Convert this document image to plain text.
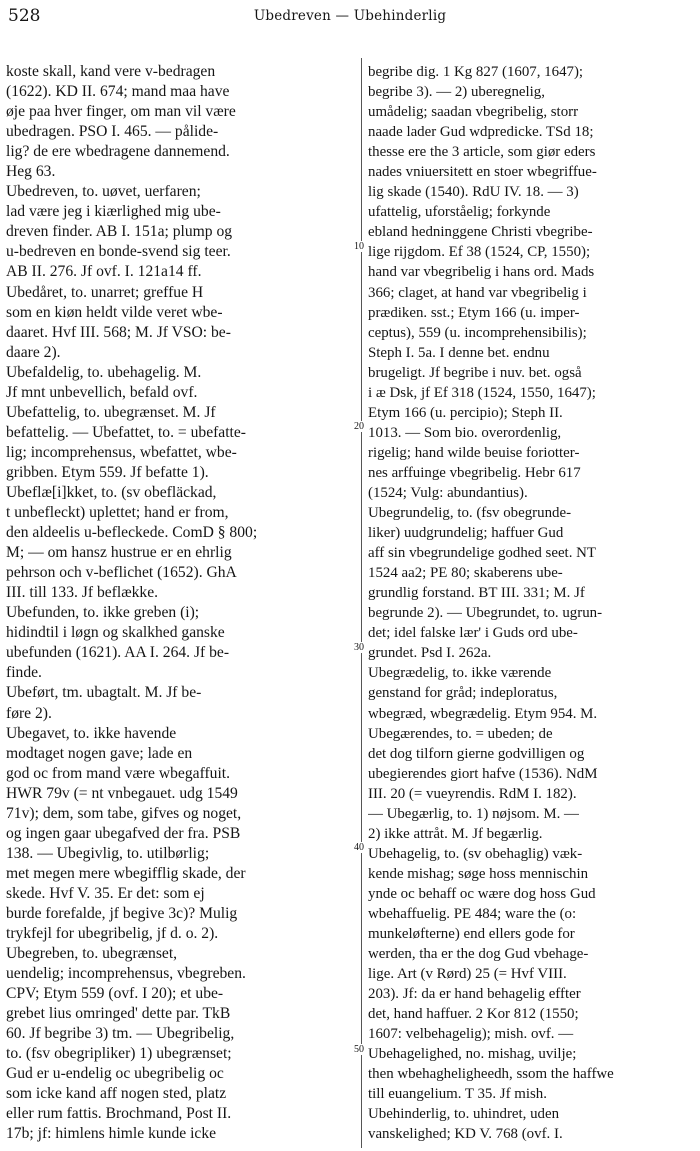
528	Ubedreven — Ubehinderlig
koste skall, kand vere v-bedragen
(1622). KD II. 674; mand maa have
øje paa hver finger, om man vil være
ubedragen. PSO I. 465. — pålide-
lig? de ere wbedragene dannemend.
Heg 63.
Ubedreven, to. uøvet, uerfaren;
lad være jeg i kiærlighed mig ube-
dreven finder. AB I. 151a; plump og
u-bedreven en bonde-svend sig teer.
AB II. 276. Jf ovf. I. 121a14 ff.
Ubedåret, to. unarret; greffue H
som en kiøn heldt vilde veret wbe-
daaret. Hvf III. 568; M. Jf VSO: be-
daare 2).
Ubefaldelig, to. ubehagelig. M.
Jf mnt unbevellich, befald ovf.
Ubefattelig, to. ubegrænset. M. Jf
befattelig. — Ubefattet, to. = ubefatte-
lig; incomprehensus, wbefattet, wbe-
gribben. Etym 559. Jf befatte 1).
Ubeflæ[i]kket, to. (sv obefläckad,
t unbefleckt) uplettet; hand er from,
den aldeelis u-befleckede. ComD § 800;
M; — om hansz hustrue er en ehrlig
pehrson och v-beflichet (1652). GhA
III. till 133. Jf beflække.
Ubefunden, to. ikke greben (i);
hidindtil i løgn og skalkhed ganske
ubefunden (1621). AA I. 264. Jf be-
finde.
Ubeført, tm. ubagtalt. M. Jf be-
føre 2).
Ubegavet, to. ikke havende
modtaget nogen gave; lade en
god oc from mand være wbegaffuit.
HWR 79v (= nt vnbegauet. udg 1549
71v); dem, som tabe, gifves og noget,
og ingen gaar ubegafved der fra. PSB
138. — Ubegivlig, to. utilbørlig;
met megen mere wbegifflig skade, der
skede. Hvf V. 35. Er det: som ej
burde forefalde, jf begive 3c)? Mulig
trykfejl for ubegribelig, jf d. o. 2).
Ubegreben, to. ubegrænset,
uendelig; incomprehensus, vbegreben.
CPV; Etym 559 (ovf. I 20); et ube-
grebet lius omringed' dette par. TkB
60. Jf begribe 3) tm. — Ubegribelig,
to. (fsv obegripliker) 1) ubegrænset;
Gud er u-endelig oc ubegribelig oc
som icke kand aff nogen sted, platz
eller rum fattis. Brochmand, Post II.
17b; jf: himlens himle kunde icke
begribe dig. 1 Kg 827 (1607, 1647);
begribe 3). — 2) uberegnelig,
umådelig; saadan vbegribelig, storr
naade lader Gud wdpredicke. TSd 18;
thesse ere the 3 article, som giør eders
nades vniuersitett en stoer wbegriffue-
lig skade (1540). RdU IV. 18. — 3)
ufattelig, uforståelig; forkynde
ebland hedninggene Christi vbegribe-
lige rijgdom. Ef 38 (1524, CP, 1550);
hand var vbegribelig i hans ord. Mads
366; claget, at hand var vbegribelig i
prædiken. sst.; Etym 166 (u. imper-
ceptus), 559 (u. incomprehensibilis);
Steph I. 5a. I denne bet. endnu
brugeligt. Jf begribe i nuv. bet. også
i æ Dsk, jf Ef 318 (1524, 1550, 1647);
Etym 166 (u. percipio); Steph II.
1013. — Som bio. overordenlig,
rigelig; hand wilde beuise foriotter-
nes arffuinge vbegribelig. Hebr 617
(1524; Vulg: abundantius).
Ubegrundelig, to. (fsv obegrunde-
liker) uudgrundelig; haffuer Gud
aff sin vbegrundelige godhed seet. NT
1524 aa2; PE 80; skaberens ube-
grundlig forstand. BT III. 331; M. Jf
begrunde 2). — Ubegrundet, to. ugrun-
det; idel falske lær' i Guds ord ube-
grundet. Psd I. 262a.
Ubegrædelig, to. ikke værende
genstand for gråd; indeploratus,
wbegræd, wbegrædelig. Etym 954. M.
Ubegærendes, to. = ubeden; de
det dog tilforn gierne godvilligen og
ubegierendes giort hafve (1536). NdM
III. 20 (= vueyrendis. RdM I. 182).
— Ubegærlig, to. 1) nøjsom. M. —
2) ikke attråt. M. Jf begærlig.
Ubehagelig, to. (sv obehaglig) væk-
kende mishag; søge hoss mennischin
ynde oc behaff oc wære dog hoss Gud
wbehaffuelig. PE 484; ware the (o:
munkeløfterne) end ellers gode for
werden, tha er the dog Gud vbehage-
lige. Art (v Rørd) 25 (= Hvf VIII.
203). Jf: da er hand behagelig effter
det, hand haffuer. 2 Kor 812 (1550;
1607: velbehagelig); mish. ovf. —
Ubehagelighed, no. mishag, uvilje;
then wbehagheligheedh, ssom the haffwe
till euangelium. T 35. Jf mish.
Ubehinderlig, to. uhindret, uden
vanskelighed; KD V. 768 (ovf. I.
10
20
30
40
50
